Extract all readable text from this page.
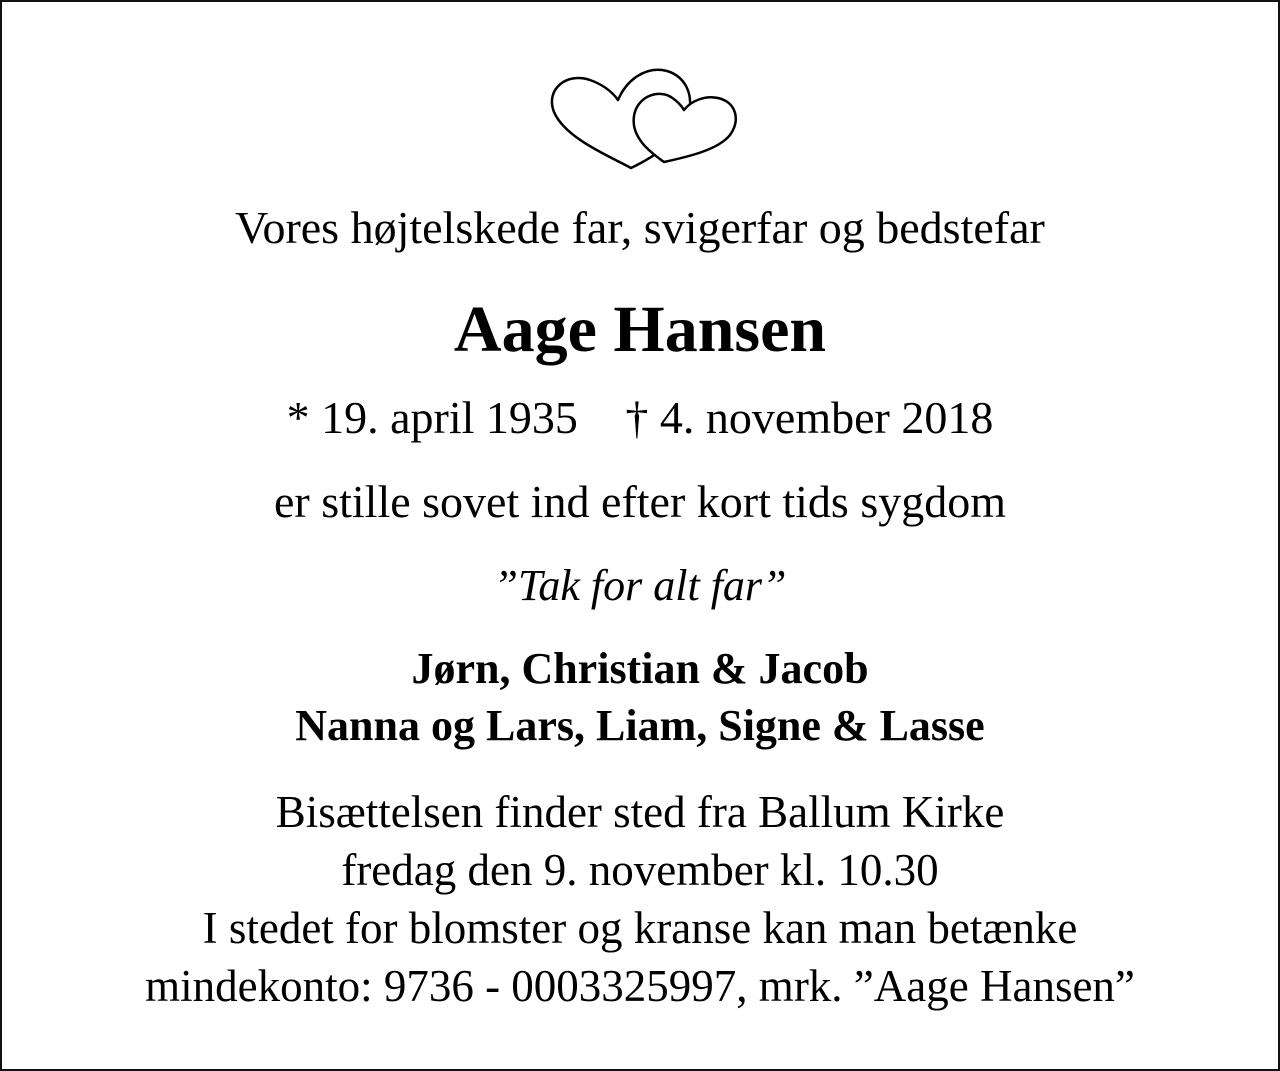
Vores højtelskede far, svigerfar og bedstefar
Aage Hansen
* 19. april 1935 † 4. november 2018
er stille sovet ind efter kort tids sygdom
”Tak for alt far”
Jørn, Christian & Jacob
Nanna og Lars, Liam, Signe & Lasse
Bisættelsen finder sted fra Ballum Kirke
fredag den 9. november kl. 10.30
I stedet for blomster og kranse kan man betænke
mindekonto: 9736 - 0003325997, mrk. ”Aage Hansen”
